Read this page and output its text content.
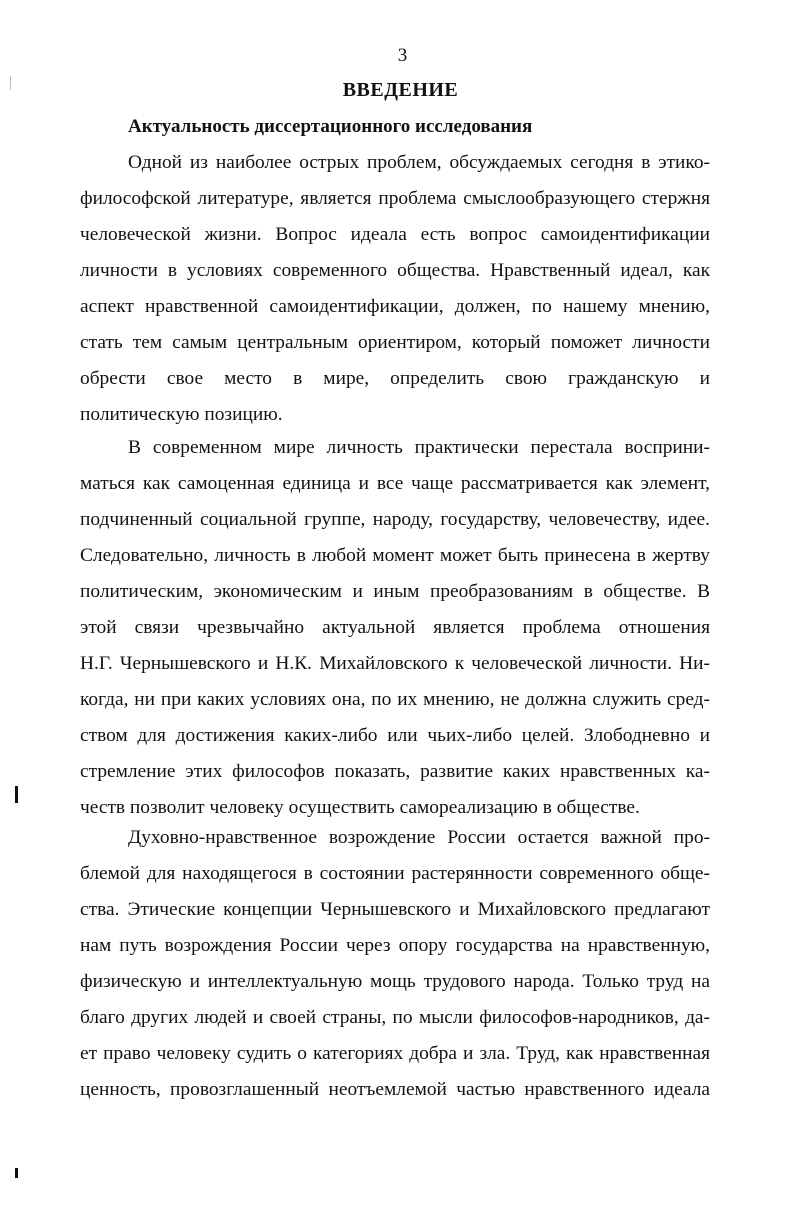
3
ВВЕДЕНИЕ
Актуальность диссертационного исследования
Одной из наиболее острых проблем, обсуждаемых сегодня в этико-
философской литературе, является проблема смыслообразующего стержня
человеческой жизни. Вопрос идеала есть вопрос самоидентификации
личности в условиях современного общества. Нравственный идеал, как
аспект нравственной самоидентификации, должен, по нашему мнению,
стать тем самым центральным ориентиром, который поможет личности
обрести свое место в мире, определить свою гражданскую и
политическую позицию.
В современном мире личность практически перестала восприни-
маться как самоценная единица и все чаще рассматривается как элемент,
подчиненный социальной группе, народу, государству, человечеству, идее.
Следовательно, личность в любой момент может быть принесена в жертву
политическим, экономическим и иным преобразованиям в обществе. В
этой связи чрезвычайно актуальной является проблема отношения
Н.Г. Чернышевского и Н.К. Михайловского к человеческой личности. Ни-
когда, ни при каких условиях она, по их мнению, не должна служить сред-
ством для достижения каких-либо или чьих-либо целей. Злободневно и
стремление этих философов показать, развитие каких нравственных ка-
честв позволит человеку осуществить самореализацию в обществе.
Духовно-нравственное возрождение России остается важной про-
блемой для находящегося в состоянии растерянности современного обще-
ства. Этические концепции Чернышевского и Михайловского предлагают
нам путь возрождения России через опору государства на нравственную,
физическую и интеллектуальную мощь трудового народа. Только труд на
благо других людей и своей страны, по мысли философов-народников, да-
ет право человеку судить о категориях добра и зла. Труд, как нравственная
ценность, провозглашенный неотъемлемой частью нравственного идеала
